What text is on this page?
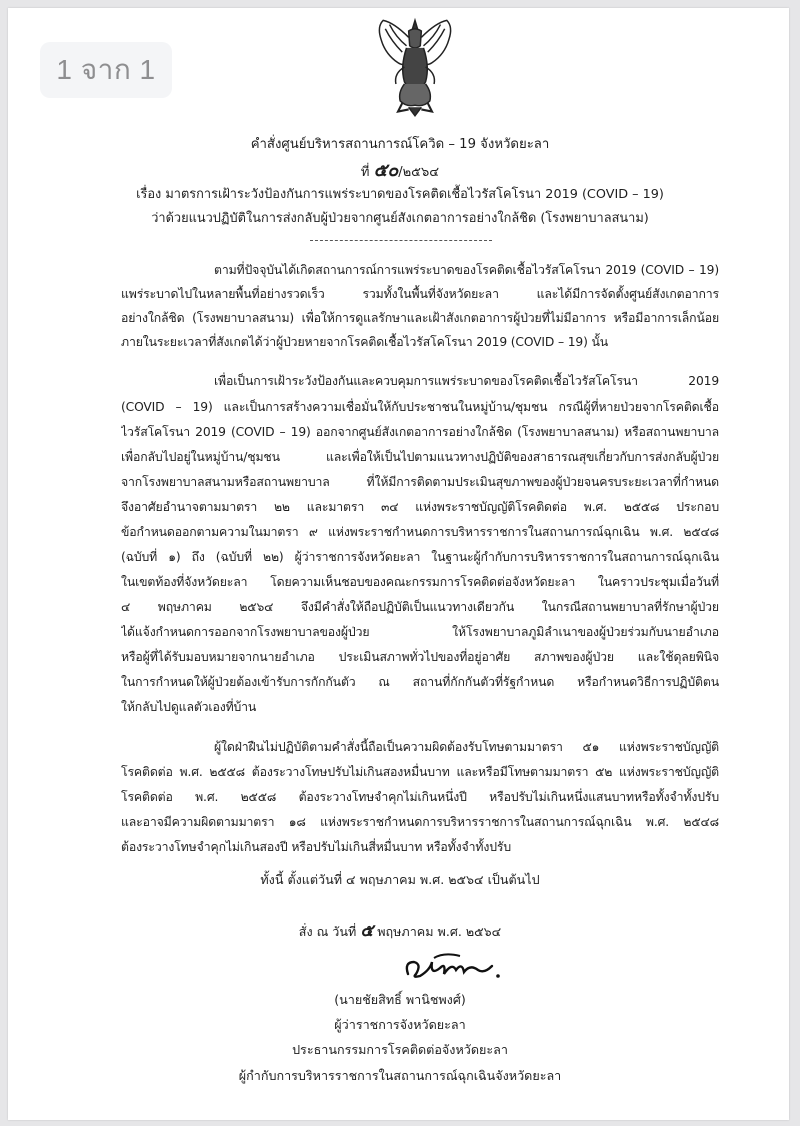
1 จาก 1
คำสั่งศูนย์บริหารสถานการณ์โควิด – 19 จังหวัดยะลา
ที่ ๕๐/๒๕๖๔
เรื่อง มาตรการเฝ้าระวังป้องกันการแพร่ระบาดของโรคติดเชื้อไวรัสโคโรนา 2019 (COVID – 19)
ว่าด้วยแนวปฏิบัติในการส่งกลับผู้ป่วยจากศูนย์สังเกตอาการอย่างใกล้ชิด (โรงพยาบาลสนาม)
ตามที่ปัจจุบันได้เกิดสถานการณ์การแพร่ระบาดของโรคติดเชื้อไวรัสโคโรนา 2019 (COVID – 19)
แพร่ระบาดไปในหลายพื้นที่อย่างรวดเร็ว รวมทั้งในพื้นที่จังหวัดยะลา และได้มีการจัดตั้งศูนย์สังเกตอาการ
อย่างใกล้ชิด (โรงพยาบาลสนาม) เพื่อให้การดูแลรักษาและเฝ้าสังเกตอาการผู้ป่วยที่ไม่มีอาการ หรือมีอาการเล็กน้อย
ภายในระยะเวลาที่สังเกตได้ว่าผู้ป่วยหายจากโรคติดเชื้อไวรัสโคโรนา 2019 (COVID – 19) นั้น
เพื่อเป็นการเฝ้าระวังป้องกันและควบคุมการแพร่ระบาดของโรคติดเชื้อไวรัสโคโรนา 2019
(COVID – 19) และเป็นการสร้างความเชื่อมั่นให้กับประชาชนในหมู่บ้าน/ชุมชน กรณีผู้ที่หายป่วยจากโรคติดเชื้อ
ไวรัสโคโรนา 2019 (COVID – 19) ออกจากศูนย์สังเกตอาการอย่างใกล้ชิด (โรงพยาบาลสนาม) หรือสถานพยาบาล
เพื่อกลับไปอยู่ในหมู่บ้าน/ชุมชน และเพื่อให้เป็นไปตามแนวทางปฏิบัติของสาธารณสุขเกี่ยวกับการส่งกลับผู้ป่วย
จากโรงพยาบาลสนามหรือสถานพยาบาล ที่ให้มีการติดตามประเมินสุขภาพของผู้ป่วยจนครบระยะเวลาที่กำหนด
จึงอาศัยอำนาจตามมาตรา ๒๒ และมาตรา ๓๔ แห่งพระราชบัญญัติโรคติดต่อ พ.ศ. ๒๕๕๘ ประกอบ
ข้อกำหนดออกตามความในมาตรา ๙ แห่งพระราชกำหนดการบริหารราชการในสถานการณ์ฉุกเฉิน พ.ศ. ๒๕๔๘
(ฉบับที่ ๑) ถึง (ฉบับที่ ๒๒) ผู้ว่าราชการจังหวัดยะลา ในฐานะผู้กำกับการบริหารราชการในสถานการณ์ฉุกเฉิน
ในเขตท้องที่จังหวัดยะลา โดยความเห็นชอบของคณะกรรมการโรคติดต่อจังหวัดยะลา ในคราวประชุมเมื่อวันที่
๔ พฤษภาคม ๒๕๖๔ จึงมีคำสั่งให้ถือปฏิบัติเป็นแนวทางเดียวกัน ในกรณีสถานพยาบาลที่รักษาผู้ป่วย
ได้แจ้งกำหนดการออกจากโรงพยาบาลของผู้ป่วย ให้โรงพยาบาลภูมิลำเนาของผู้ป่วยร่วมกับนายอำเภอ
หรือผู้ที่ได้รับมอบหมายจากนายอำเภอ ประเมินสภาพทั่วไปของที่อยู่อาศัย สภาพของผู้ป่วย และใช้ดุลยพินิจ
ในการกำหนดให้ผู้ป่วยต้องเข้ารับการกักกันตัว ณ สถานที่กักกันตัวที่รัฐกำหนด หรือกำหนดวิธีการปฏิบัติตน
ให้กลับไปดูแลตัวเองที่บ้าน
ผู้ใดฝ่าฝืนไม่ปฏิบัติตามคำสั่งนี้ถือเป็นความผิดต้องรับโทษตามมาตรา ๕๑ แห่งพระราชบัญญัติ
โรคติดต่อ พ.ศ. ๒๕๕๘ ต้องระวางโทษปรับไม่เกินสองหมื่นบาท และหรือมีโทษตามมาตรา ๕๒ แห่งพระราชบัญญัติ
โรคติดต่อ พ.ศ. ๒๕๕๘ ต้องระวางโทษจำคุกไม่เกินหนึ่งปี หรือปรับไม่เกินหนึ่งแสนบาทหรือทั้งจำทั้งปรับ
และอาจมีความผิดตามมาตรา ๑๘ แห่งพระราชกำหนดการบริหารราชการในสถานการณ์ฉุกเฉิน พ.ศ. ๒๕๔๘
ต้องระวางโทษจำคุกไม่เกินสองปี หรือปรับไม่เกินสี่หมื่นบาท หรือทั้งจำทั้งปรับ
ทั้งนี้ ตั้งแต่วันที่ ๔ พฤษภาคม พ.ศ. ๒๕๖๔ เป็นต้นไป
สั่ง ณ วันที่ ๕ พฤษภาคม พ.ศ. ๒๕๖๔
(นายชัยสิทธิ์ พานิชพงศ์)
ผู้ว่าราชการจังหวัดยะลา
ประธานกรรมการโรคติดต่อจังหวัดยะลา
ผู้กำกับการบริหารราชการในสถานการณ์ฉุกเฉินจังหวัดยะลา
